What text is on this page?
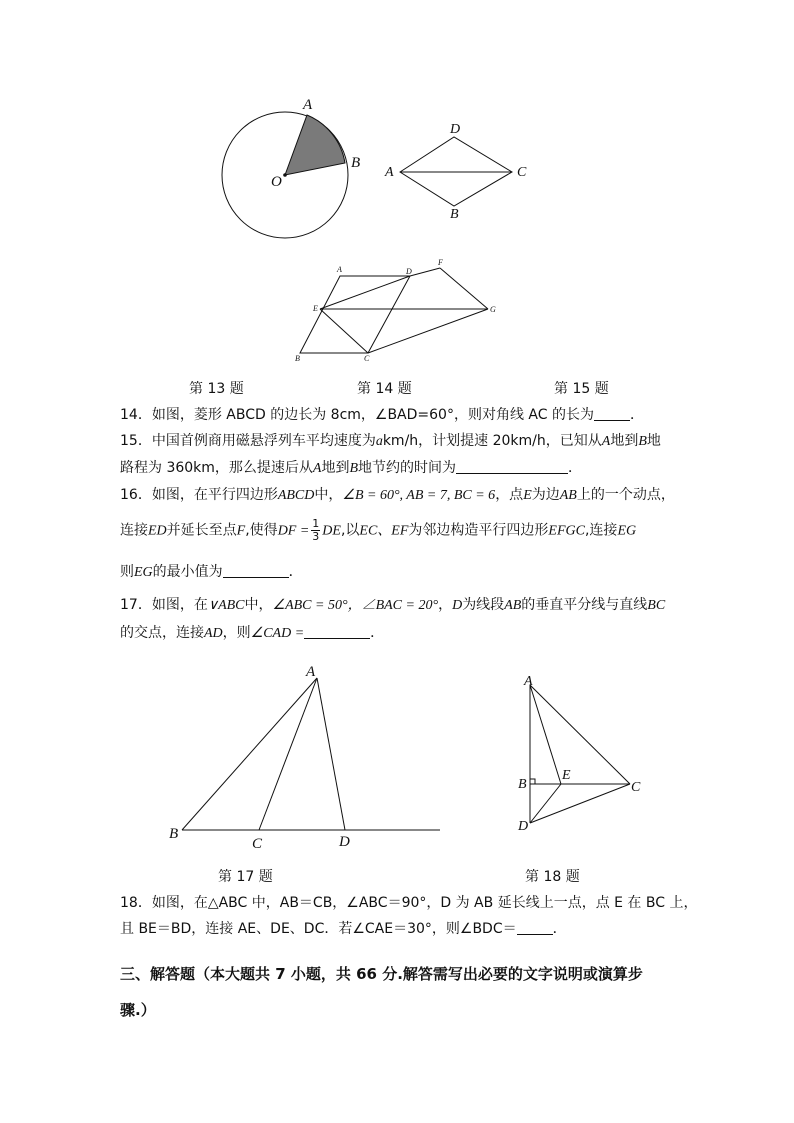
A
B
O
D
A	C
B
A	D
F
E	G
B	C
第 13 题	第 14 题	第 15 题
14．如图，菱形 ABCD 的边长为 8cm，∠BAD=60°，则对角线 AC 的长为	．
15．中国首例商用磁悬浮列车平均速度为akm/h，计划提速 20km/h，已知从A地到B地
路程为 360km，那么提速后从A地到B地节约的时间为	．
16．如图，在平行四边形ABCD中，∠B = 60°, AB = 7, BC = 6，点E为边AB上的一个动点，
连接ED并延长至点F,使得DF = $\frac{1}{3}$ DE,以EC、EF为邻边构造平行四边形EFGC,连接EG
则EG的最小值为	．
17．如图，在∨ABC中，∠ABC = 50°，∠BAC = 20°，D为线段AB的垂直平分线与直线BC
的交点，连接AD，则∠CAD =	．
A
B
C	D
A
B
E
C
D
第 17 题	第 18 题
18．如图，在△ABC 中，AB＝CB，∠ABC＝90°，D 为 AB 延长线上一点，点 E 在 BC 上，
且 BE＝BD，连接 AE、DE、DC．若∠CAE＝30°，则∠BDC＝	．
三、解答题（本大题共 7 小题，共 66 分.解答需写出必要的文字说明或演算步
骤.）
